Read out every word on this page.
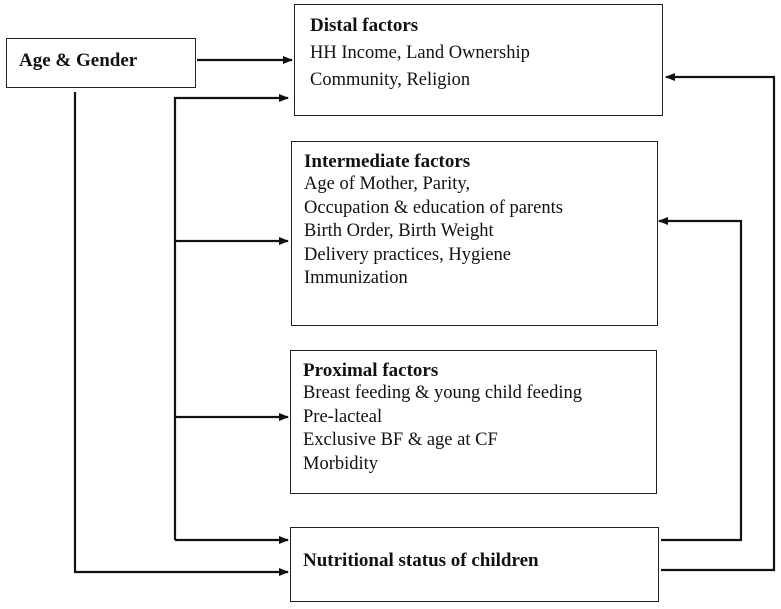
Age & Gender
Distal factors
HH Income, Land Ownership
Community, Religion
Intermediate factors
Age of Mother, Parity,
Occupation & education of parents
Birth Order, Birth Weight
Delivery practices, Hygiene
Immunization
Proximal factors
Breast feeding & young child feeding
Pre-lacteal
Exclusive BF & age at CF
Morbidity
Nutritional status of children
